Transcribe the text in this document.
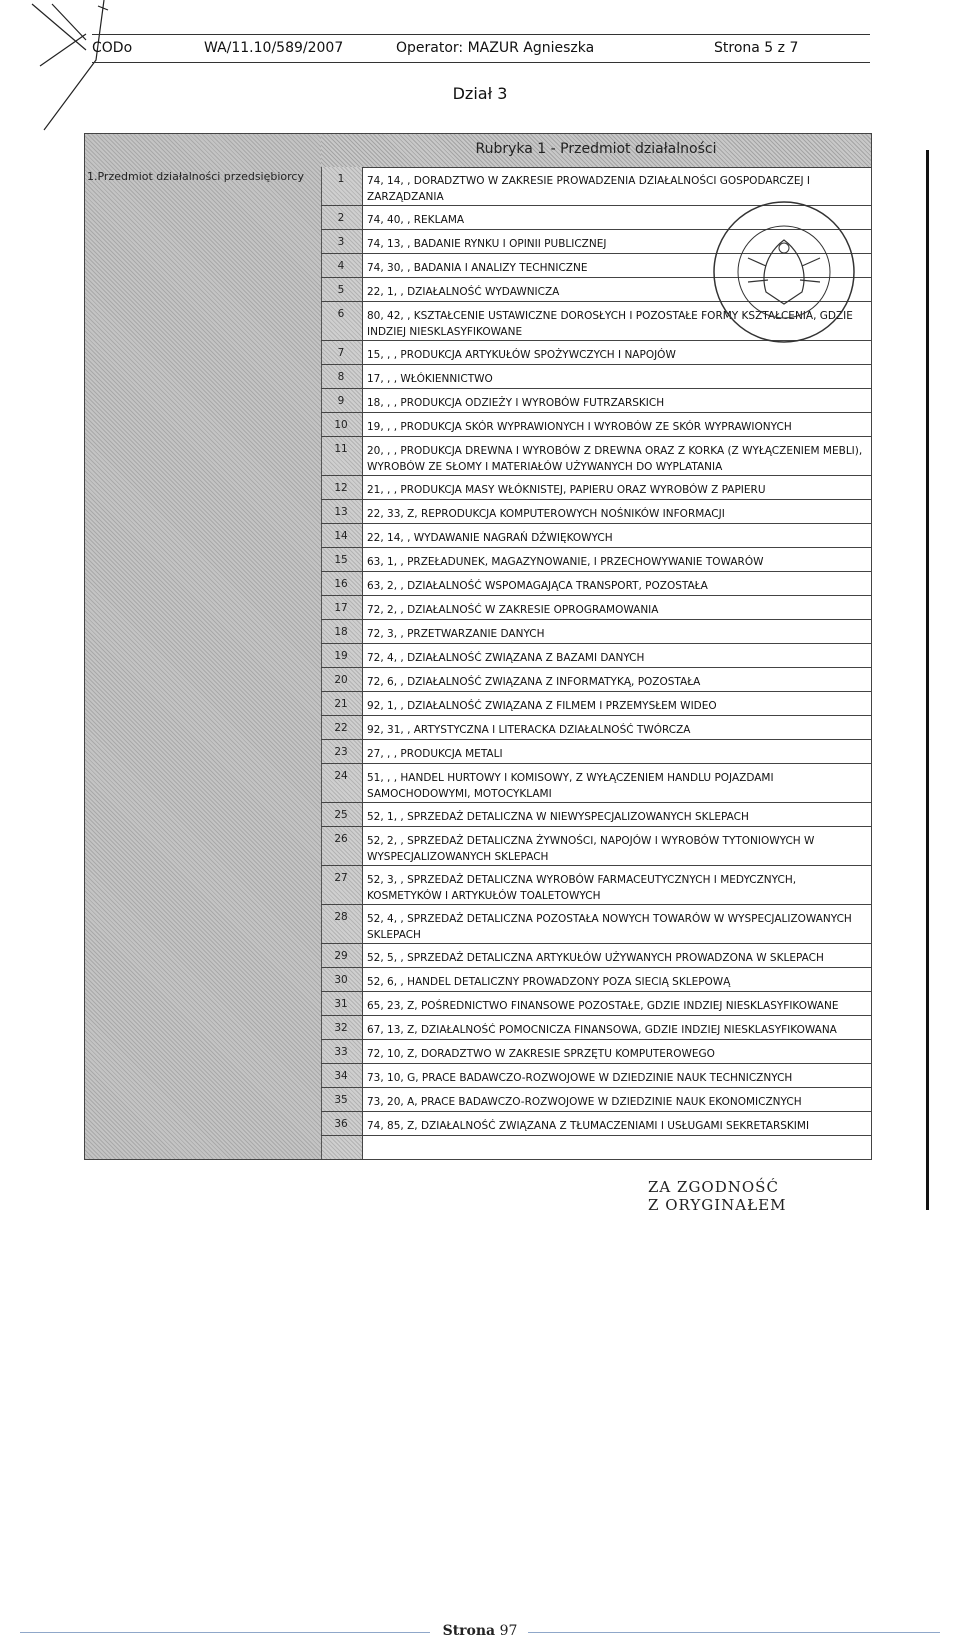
CODo	WA/11.10/589/2007	Operator: MAZUR Agnieszka	Strona 5 z 7
Dział 3
1.Przedmiot działalności przedsiębiorcy
Rubryka 1 - Przedmiot działalności
1	74, 14, , DORADZTWO W ZAKRESIE PROWADZENIA DZIAŁALNOŚCI GOSPODARCZEJ I ZARZĄDZANIA
2	74, 40, , REKLAMA
3	74, 13, , BADANIE RYNKU I OPINII PUBLICZNEJ
4	74, 30, , BADANIA I ANALIZY TECHNICZNE
5	22, 1, , DZIAŁALNOŚĆ WYDAWNICZA
6	80, 42, , KSZTAŁCENIE USTAWICZNE DOROSŁYCH I POZOSTAŁE FORMY KSZTAŁCENIA, GDZIE INDZIEJ NIESKLASYFIKOWANE
7	15, , , PRODUKCJA ARTYKUŁÓW SPOŻYWCZYCH I NAPOJÓW
8	17, , , WŁÓKIENNICTWO
9	18, , , PRODUKCJA ODZIEŻY I WYROBÓW FUTRZARSKICH
10	19, , , PRODUKCJA SKÓR WYPRAWIONYCH I WYROBÓW ZE SKÓR WYPRAWIONYCH
11	20, , , PRODUKCJA DREWNA I WYROBÓW Z DREWNA ORAZ Z KORKA (Z WYŁĄCZENIEM MEBLI), WYROBÓW ZE SŁOMY I MATERIAŁÓW UŻYWANYCH DO WYPLATANIA
12	21, , , PRODUKCJA MASY WŁÓKNISTEJ, PAPIERU ORAZ WYROBÓW Z PAPIERU
13	22, 33, Z, REPRODUKCJA KOMPUTEROWYCH NOŚNIKÓW INFORMACJI
14	22, 14, , WYDAWANIE NAGRAŃ DŹWIĘKOWYCH
15	63, 1, , PRZEŁADUNEK, MAGAZYNOWANIE, I PRZECHOWYWANIE TOWARÓW
16	63, 2, , DZIAŁALNOŚĆ WSPOMAGAJĄCA TRANSPORT, POZOSTAŁA
17	72, 2, , DZIAŁALNOŚĆ W ZAKRESIE OPROGRAMOWANIA
18	72, 3, , PRZETWARZANIE DANYCH
19	72, 4, , DZIAŁALNOŚĆ ZWIĄZANA Z BAZAMI DANYCH
20	72, 6, , DZIAŁALNOŚĆ ZWIĄZANA Z INFORMATYKĄ, POZOSTAŁA
21	92, 1, , DZIAŁALNOŚĆ ZWIĄZANA Z FILMEM I PRZEMYSŁEM WIDEO
22	92, 31, , ARTYSTYCZNA I LITERACKA DZIAŁALNOŚĆ TWÓRCZA
23	27, , , PRODUKCJA METALI
24	51, , , HANDEL HURTOWY I KOMISOWY, Z WYŁĄCZENIEM HANDLU POJAZDAMI SAMOCHODOWYMI, MOTOCYKLAMI
25	52, 1, , SPRZEDAŻ DETALICZNA W NIEWYSPECJALIZOWANYCH SKLEPACH
26	52, 2, , SPRZEDAŻ DETALICZNA ŻYWNOŚCI, NAPOJÓW I WYROBÓW TYTONIOWYCH W WYSPECJALIZOWANYCH SKLEPACH
27	52, 3, , SPRZEDAŻ DETALICZNA WYROBÓW FARMACEUTYCZNYCH I MEDYCZNYCH, KOSMETYKÓW I ARTYKUŁÓW TOALETOWYCH
28	52, 4, , SPRZEDAŻ DETALICZNA POZOSTAŁA NOWYCH TOWARÓW W WYSPECJALIZOWANYCH SKLEPACH
29	52, 5, , SPRZEDAŻ DETALICZNA ARTYKUŁÓW UŻYWANYCH PROWADZONA W SKLEPACH
30	52, 6, , HANDEL DETALICZNY PROWADZONY POZA SIECIĄ SKLEPOWĄ
31	65, 23, Z, POŚREDNICTWO FINANSOWE POZOSTAŁE, GDZIE INDZIEJ NIESKLASYFIKOWANE
32	67, 13, Z, DZIAŁALNOŚĆ POMOCNICZA FINANSOWA, GDZIE INDZIEJ NIESKLASYFIKOWANA
33	72, 10, Z, DORADZTWO W ZAKRESIE SPRZĘTU KOMPUTEROWEGO
34	73, 10, G, PRACE BADAWCZO-ROZWOJOWE W DZIEDZINIE NAUK TECHNICZNYCH
35	73, 20, A, PRACE BADAWCZO-ROZWOJOWE W DZIEDZINIE NAUK EKONOMICZNYCH
36	74, 85, Z, DZIAŁALNOŚĆ ZWIĄZANA Z TŁUMACZENIAMI I USŁUGAMI SEKRETARSKIMI
ZA ZGODNOŚĆ
Z ORYGINAŁEM
Strona 97
